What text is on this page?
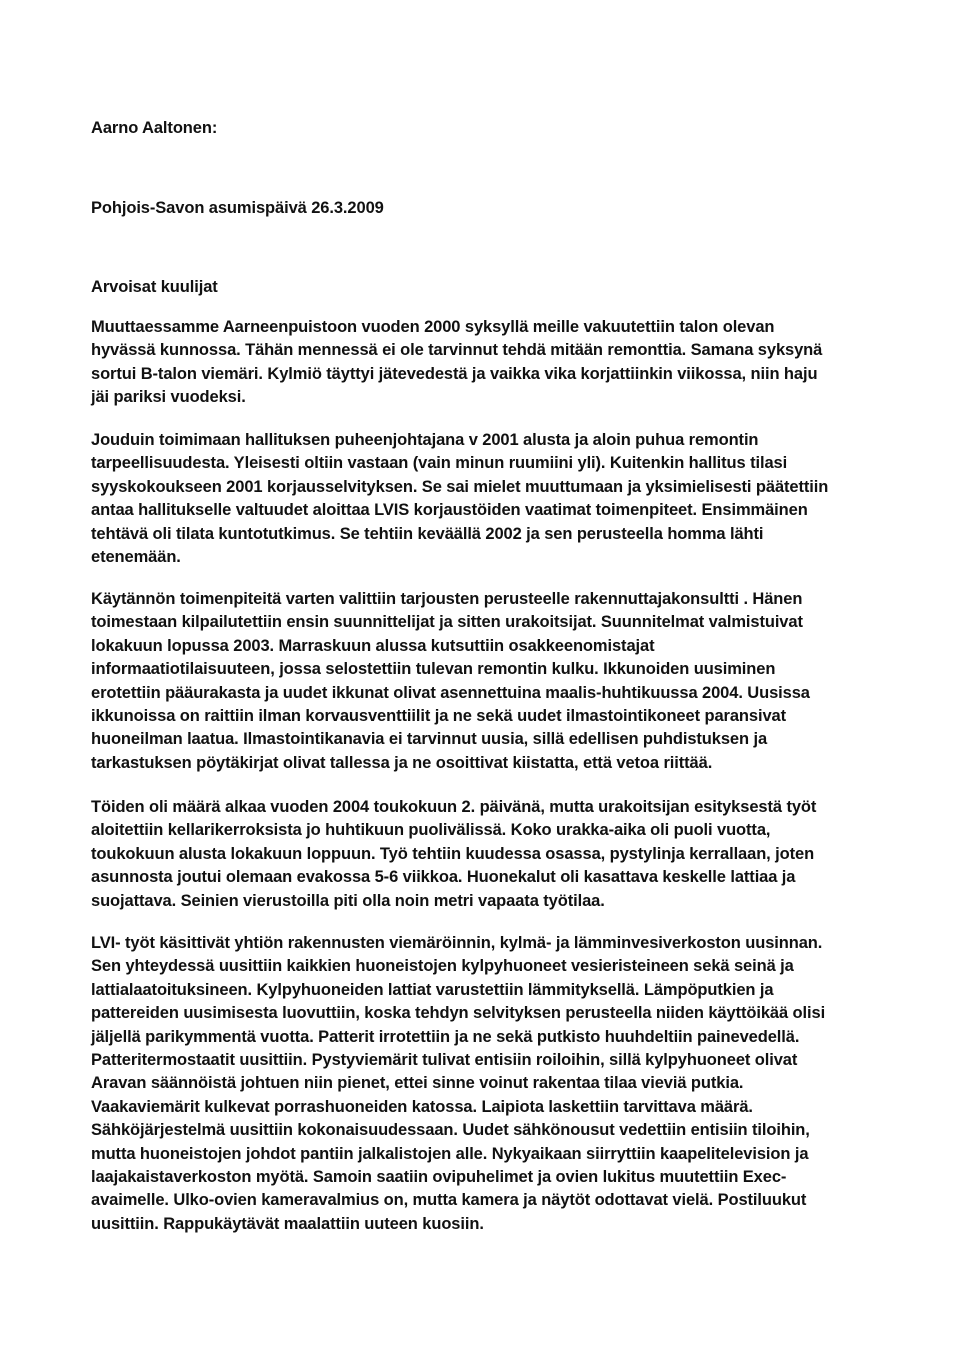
Aarno Aaltonen:

Pohjois-Savon asumispäivä 26.3.2009

Arvoisat kuulijat

Muuttaessamme Aarneenpuistoon vuoden 2000 syksyllä meille vakuutettiin talon olevan
hyvässä kunnossa. Tähän mennessä ei ole tarvinnut tehdä mitään remonttia. Samana syksynä
sortui B-talon viemäri. Kylmiö täyttyi jätevedestä ja vaikka vika korjattiinkin viikossa, niin haju
jäi pariksi vuodeksi.

Jouduin toimimaan hallituksen puheenjohtajana v 2001 alusta ja aloin puhua remontin
tarpeellisuudesta. Yleisesti oltiin vastaan (vain minun ruumiini yli). Kuitenkin hallitus tilasi
syyskokoukseen 2001 korjausselvityksen. Se sai mielet muuttumaan ja yksimielisesti päätettiin
antaa hallitukselle valtuudet aloittaa LVIS korjaustöiden vaatimat toimenpiteet. Ensimmäinen
tehtävä oli tilata kuntotutkimus. Se tehtiin keväällä 2002 ja sen perusteella homma lähti
etenemään.

Käytännön toimenpiteitä varten valittiin tarjousten perusteelle rakennuttajakonsultti . Hänen
toimestaan kilpailutettiin ensin suunnittelijat ja sitten urakoitsijat. Suunnitelmat valmistuivat
lokakuun lopussa 2003. Marraskuun alussa kutsuttiin osakkeenomistajat
informaatiotilaisuuteen, jossa selostettiin tulevan remontin kulku. Ikkunoiden uusiminen
erotettiin pääurakasta ja uudet ikkunat olivat asennettuina maalis-huhtikuussa 2004. Uusissa
ikkunoissa on raittiin ilman korvausventtiilit ja ne sekä uudet ilmastointikoneet paransivat
huoneilman laatua. Ilmastointikanavia ei tarvinnut uusia, sillä edellisen puhdistuksen ja
tarkastuksen pöytäkirjat olivat tallessa ja ne osoittivat kiistatta, että vetoa riittää.

Töiden oli määrä alkaa vuoden 2004 toukokuun 2. päivänä, mutta urakoitsijan esityksestä työt
aloitettiin kellarikerroksista jo huhtikuun puolivälissä. Koko urakka-aika oli puoli vuotta,
toukokuun alusta lokakuun loppuun. Työ tehtiin kuudessa osassa, pystylinja kerrallaan, joten
asunnosta joutui olemaan evakossa 5-6 viikkoa. Huonekalut oli kasattava keskelle lattiaa ja
suojattava. Seinien vierustoilla piti olla noin metri vapaata työtilaa.

LVI- työt käsittivät yhtiön rakennusten viemäröinnin, kylmä- ja lämminvesiverkoston uusinnan.
Sen yhteydessä uusittiin kaikkien huoneistojen kylpyhuoneet vesieristeineen sekä seinä ja
lattialaatoituksineen. Kylpyhuoneiden lattiat varustettiin lämmityksellä. Lämpöputkien ja
pattereiden uusimisesta luovuttiin, koska tehdyn selvityksen perusteella niiden käyttöikää olisi
jäljellä parikymmentä vuotta. Patterit irrotettiin ja ne sekä putkisto huuhdeltiin painevedellä.
Patteritermostaatit uusittiin. Pystyviemärit tulivat entisiin roiloihin, sillä kylpyhuoneet olivat
Aravan säännöistä johtuen niin pienet, ettei sinne voinut rakentaa tilaa vieviä putkia.
Vaakaviemärit kulkevat porrashuoneiden katossa. Laipiota laskettiin tarvittava määrä.
Sähköjärjestelmä uusittiin kokonaisuudessaan. Uudet sähkönousut vedettiin entisiin tiloihin,
mutta huoneistojen johdot pantiin jalkalistojen alle. Nykyaikaan siirryttiin kaapelitelevision ja
laajakaistaverkoston myötä. Samoin saatiin ovipuhelimet ja ovien lukitus muutettiin Exec-
avaimelle. Ulko-ovien kameravalmius on, mutta kamera ja näytöt odottavat vielä. Postiluukut
uusittiin. Rappukäytävät maalattiin uuteen kuosiin.
